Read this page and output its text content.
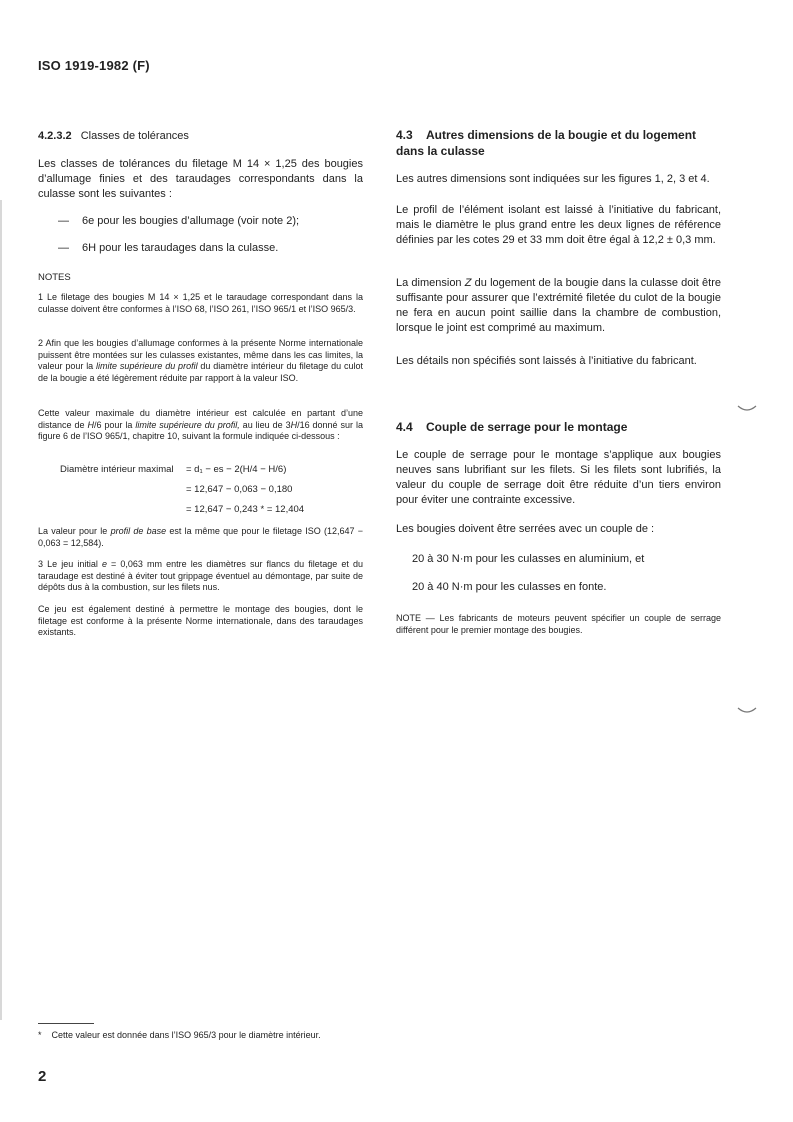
ISO 1919-1982 (F)

4.2.3.2 Classes de tolérances

Les classes de tolérances du filetage M 14 × 1,25 des bougies d’allumage finies et des taraudages correspondants dans la culasse sont les suivantes :
— 6e pour les bougies d’allumage (voir note 2);
— 6H pour les taraudages dans la culasse.
NOTES
1 Le filetage des bougies M 14 × 1,25 et le taraudage correspondant dans la culasse doivent être conformes à l’ISO 68, l’ISO 261, l’ISO 965/1 et l’ISO 965/3.
2 Afin que les bougies d’allumage conformes à la présente Norme internationale puissent être montées sur les culasses existantes, même dans les cas limites, la valeur pour la limite supérieure du profil du diamètre intérieur du filetage du culot de la bougie a été légèrement réduite par rapport à la valeur ISO.
Cette valeur maximale du diamètre intérieur est calculée en partant d’une distance de H/6 pour la limite supérieure du profil, au lieu de 3H/16 donné sur la figure 6 de l’ISO 965/1, chapitre 10, suivant la formule indiquée ci-dessous :
Diamètre intérieur maximal = d₁ − es − 2(H/4 − H/6)
= 12,647 − 0,063 − 0,180
= 12,647 − 0,243 * = 12,404
La valeur pour le profil de base est la même que pour le filetage ISO (12,647 − 0,063 = 12,584).
3 Le jeu initial e = 0,063 mm entre les diamètres sur flancs du filetage et du taraudage est destiné à éviter tout grippage éventuel au démontage, par suite de dépôts dus à la combustion, sur les filets nus.
Ce jeu est également destiné à permettre le montage des bougies, dont le filetage est conforme à la présente Norme internationale, dans des taraudages existants.
4.3 Autres dimensions de la bougie et du logement dans la culasse
Les autres dimensions sont indiquées sur les figures 1, 2, 3 et 4.
Le profil de l’élément isolant est laissé à l’initiative du fabricant, mais le diamètre le plus grand entre les deux lignes de référence définies par les cotes 29 et 33 mm doit être égal à 12,2 ± 0,3 mm.
La dimension Z du logement de la bougie dans la culasse doit être suffisante pour assurer que l’extrémité filetée du culot de la bougie ne fera en aucun point saillie dans la chambre de combustion, lorsque le joint est comprimé au maximum.
Les détails non spécifiés sont laissés à l’initiative du fabricant.
4.4 Couple de serrage pour le montage
Le couple de serrage pour le montage s’applique aux bougies neuves sans lubrifiant sur les filets. Si les filets sont lubrifiés, la valeur du couple de serrage doit être réduite d’un tiers environ pour éviter une contrainte excessive.
Les bougies doivent être serrées avec un couple de :
20 à 30 N·m pour les culasses en aluminium, et
20 à 40 N·m pour les culasses en fonte.
NOTE — Les fabricants de moteurs peuvent spécifier un couple de serrage différent pour le premier montage des bougies.
* Cette valeur est donnée dans l’ISO 965/3 pour le diamètre intérieur.
2
